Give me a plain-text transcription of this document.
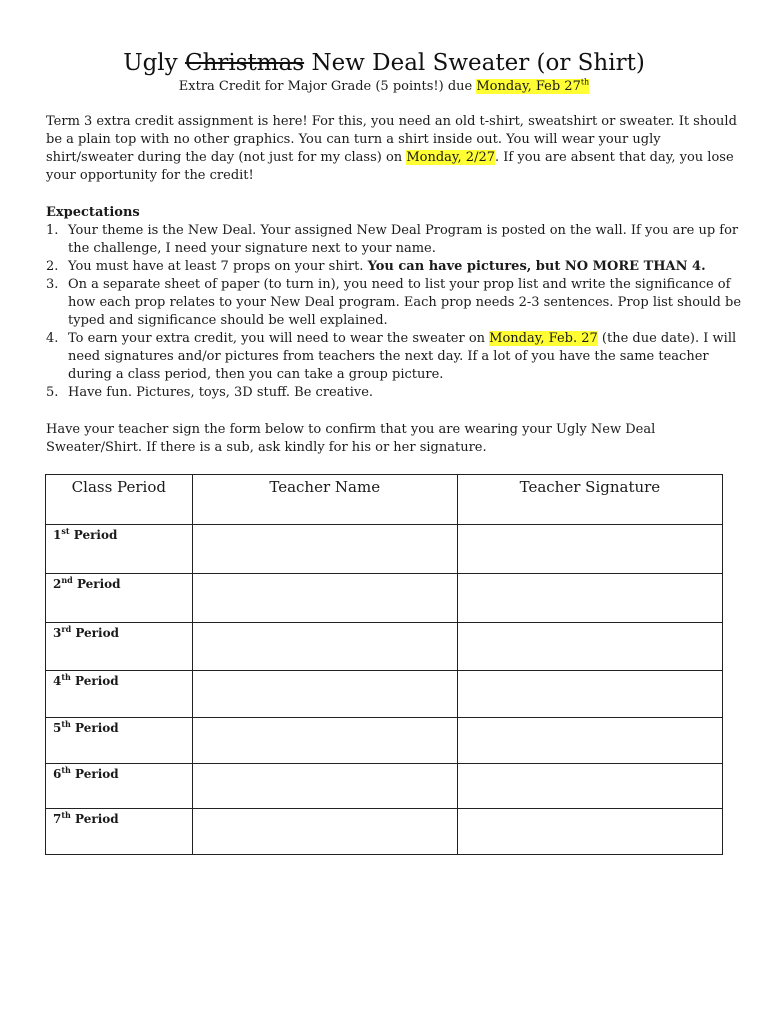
Ugly Christmas New Deal Sweater (or Shirt)
Extra Credit for Major Grade (5 points!) due Monday, Feb 27th
Term 3 extra credit assignment is here! For this, you need an old t-shirt, sweatshirt or sweater. It should
be a plain top with no other graphics. You can turn a shirt inside out. You will wear your ugly
shirt/sweater during the day (not just for my class) on Monday, 2/27. If you are absent that day, you lose
your opportunity for the credit!
Expectations
1. Your theme is the New Deal. Your assigned New Deal Program is posted on the wall. If you are up for
the challenge, I need your signature next to your name.
2. You must have at least 7 props on your shirt. You can have pictures, but NO MORE THAN 4.
3. On a separate sheet of paper (to turn in), you need to list your prop list and write the significance of
how each prop relates to your New Deal program. Each prop needs 2-3 sentences. Prop list should be
typed and significance should be well explained.
4. To earn your extra credit, you will need to wear the sweater on Monday, Feb. 27 (the due date). I will
need signatures and/or pictures from teachers the next day. If a lot of you have the same teacher
during a class period, then you can take a group picture.
5. Have fun. Pictures, toys, 3D stuff. Be creative.
Have your teacher sign the form below to confirm that you are wearing your Ugly New Deal
Sweater/Shirt. If there is a sub, ask kindly for his or her signature.
Class Period	Teacher Name	Teacher Signature

1st Period		

2nd Period		

3rd Period		

4th Period		

5th Period		

6th Period		

7th Period		
